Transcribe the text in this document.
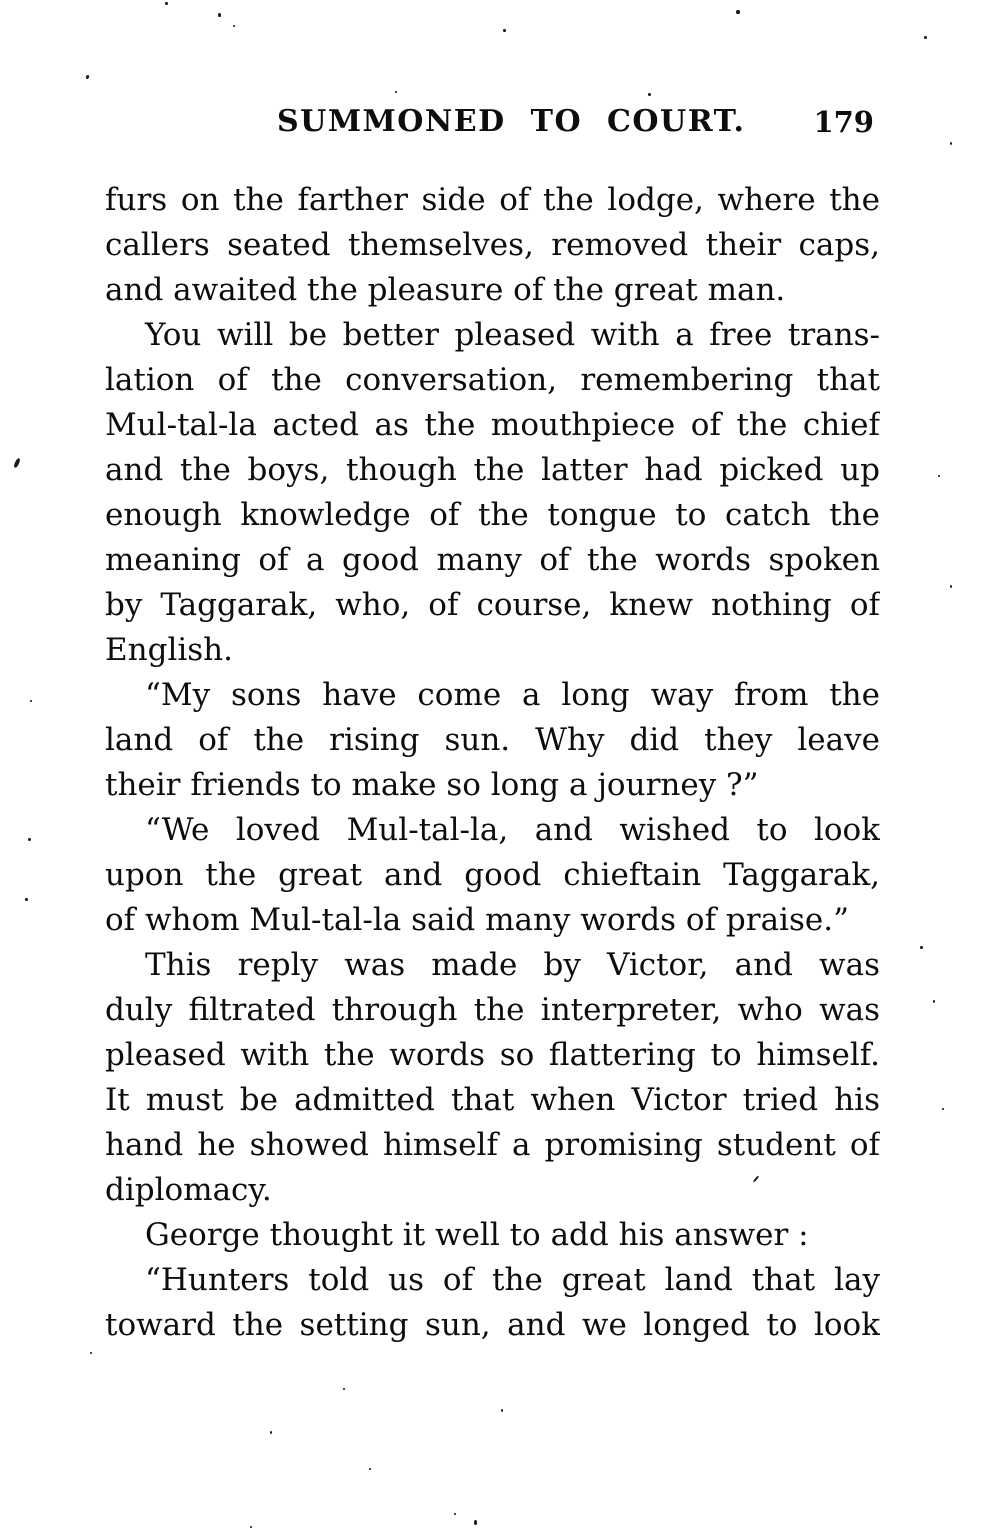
SUMMONED TO COURT. 179
furs on the farther side of the lodge, where the
callers seated themselves, removed their caps,
and awaited the pleasure of the great man.
You will be better pleased with a free trans-
lation of the conversation, remembering that
Mul-tal-la acted as the mouthpiece of the chief
and the boys, though the latter had picked up
enough knowledge of the tongue to catch the
meaning of a good many of the words spoken
by Taggarak, who, of course, knew nothing of
English.
“My sons have come a long way from the
land of the rising sun. Why did they leave
their friends to make so long a journey ?”
“We loved Mul-tal-la, and wished to look
upon the great and good chieftain Taggarak,
of whom Mul-tal-la said many words of praise.”
This reply was made by Victor, and was
duly filtrated through the interpreter, who was
pleased with the words so flattering to himself.
It must be admitted that when Victor tried his
hand he showed himself a promising student of
diplomacy.
George thought it well to add his answer :
“Hunters told us of the great land that lay
toward the setting sun, and we longed to look
